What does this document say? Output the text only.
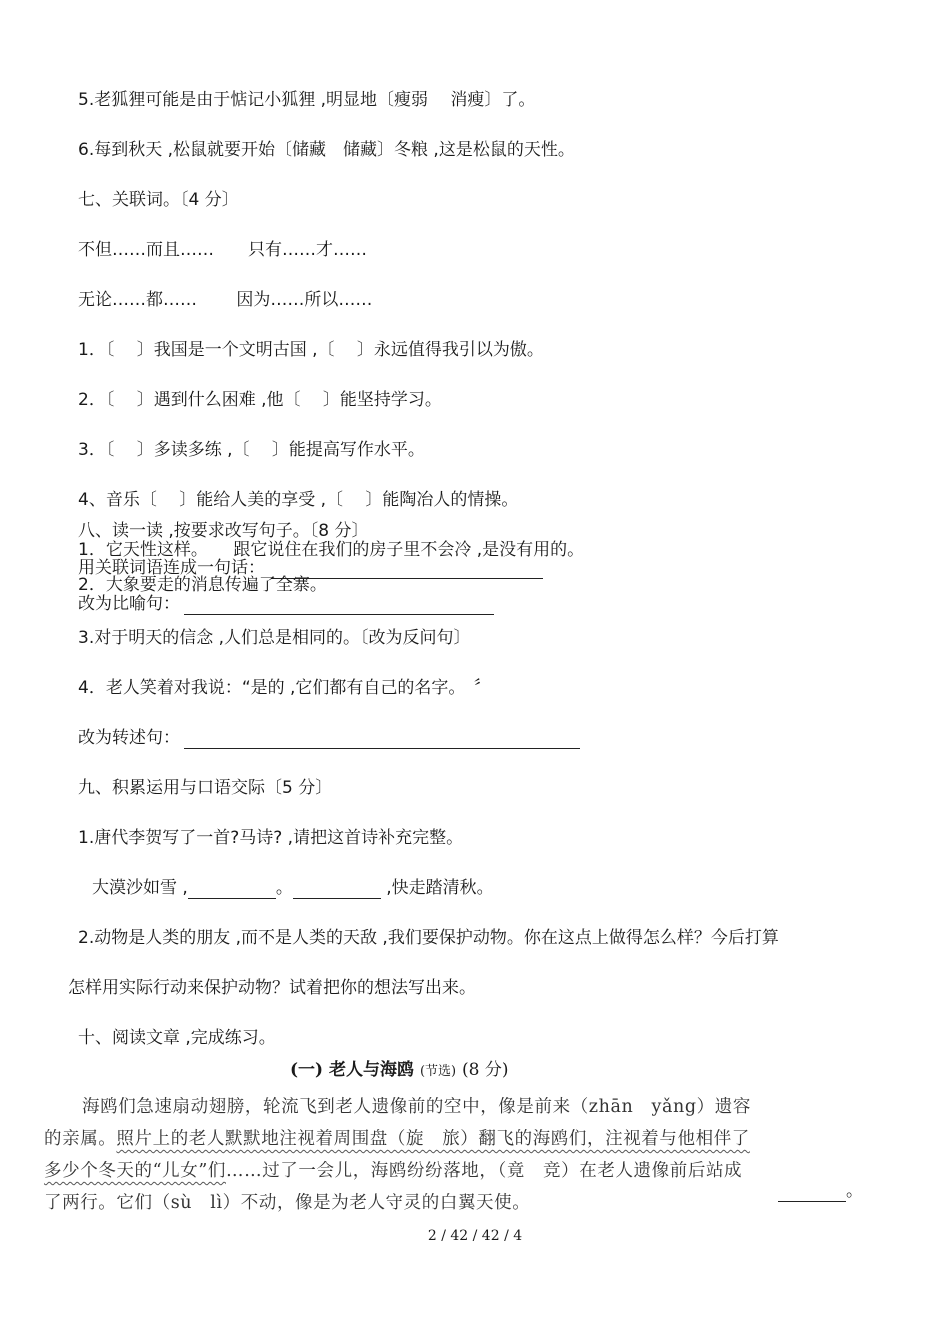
5.老狐狸可能是由于惦记小狐狸 ,明显地〔瘦弱　 消瘦〕了。
6.每到秋天 ,松鼠就要开始〔储藏　储藏〕冬粮 ,这是松鼠的天性。
七、关联词。〔4 分〕
不但……而且……　　只有……才……
无论……都……　　 因为……所以……
1．〔　 〕我国是一个文明古国 ,〔　 〕永远值得我引以为傲。
2．〔　 〕遇到什么困难 ,他〔　 〕能坚持学习。
3．〔　 〕多读多练 ,〔　 〕能提高写作水平。
4、音乐〔　 〕能给人美的享受 ,〔　 〕能陶冶人的情操。
八、读一读 ,按要求改写句子。〔8 分〕
1．它天性这样。　　跟它说住在我们的房子里不会冷 ,是没有用的。
用关联词语连成一句话：
2．大象要走的消息传遍了全寨。
改为比喻句：
3.对于明天的信念 ,人们总是相同的。〔改为反问句〕
4．老人笑着对我说：“是的 ,它们都有自己的名字。　〞
改为转述句：
九、积累运用与口语交际〔5 分〕
1.唐代李贺写了一首?马诗? ,请把这首诗补充完整。
大漠沙如雪 ,	。	,快走踏清秋。
2.动物是人类的朋友 ,而不是人类的天敌 ,我们要保护动物。你在这点上做得怎么样？今后打算
怎样用实际行动来保护动物？试着把你的想法写出来。
十、阅读文章 ,完成练习。
(一) 老人与海鸥 (节选) (8 分)
海鸥们急速扇动翅膀，轮流飞到老人遗像前的空中，像是前来（zhān　yǎng）遗容
的亲属。照片上的老人默默地注视着周围盘（旋　旅）翻飞的海鸥们，注视着与他相伴了
多少个冬天的“儿女”们……过了一会儿，海鸥纷纷落地，（竟　竞）在老人遗像前后站成
了两行。它们（sù　lì）不动，像是为老人守灵的白翼天使。
。
2 / 42 / 42 / 4
